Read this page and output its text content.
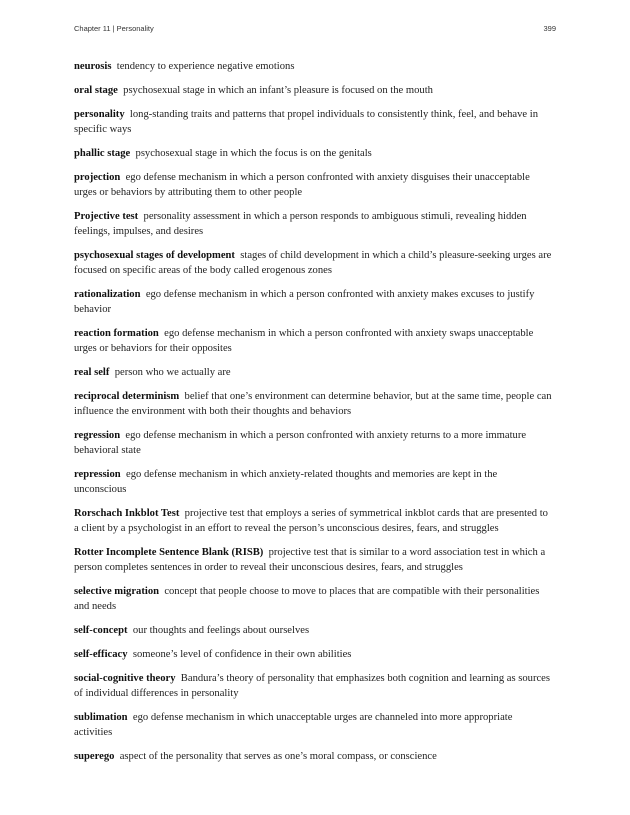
Chapter 11 | Personality	399

neurosis tendency to experience negative emotions

oral stage psychosexual stage in which an infant’s pleasure is focused on the mouth

personality long-standing traits and patterns that propel individuals to consistently think, feel, and behave in specific ways

phallic stage psychosexual stage in which the focus is on the genitals

projection ego defense mechanism in which a person confronted with anxiety disguises their unacceptable urges or behaviors by attributing them to other people

Projective test personality assessment in which a person responds to ambiguous stimuli, revealing hidden feelings, impulses, and desires

psychosexual stages of development stages of child development in which a child’s pleasure-seeking urges are focused on specific areas of the body called erogenous zones

rationalization ego defense mechanism in which a person confronted with anxiety makes excuses to justify behavior

reaction formation ego defense mechanism in which a person confronted with anxiety swaps unacceptable urges or behaviors for their opposites

real self person who we actually are

reciprocal determinism belief that one’s environment can determine behavior, but at the same time, people can influence the environment with both their thoughts and behaviors

regression ego defense mechanism in which a person confronted with anxiety returns to a more immature behavioral state

repression ego defense mechanism in which anxiety-related thoughts and memories are kept in the unconscious

Rorschach Inkblot Test projective test that employs a series of symmetrical inkblot cards that are presented to a client by a psychologist in an effort to reveal the person’s unconscious desires, fears, and struggles

Rotter Incomplete Sentence Blank (RISB) projective test that is similar to a word association test in which a person completes sentences in order to reveal their unconscious desires, fears, and struggles

selective migration concept that people choose to move to places that are compatible with their personalities and needs

self-concept our thoughts and feelings about ourselves

self-efficacy someone’s level of confidence in their own abilities

social-cognitive theory Bandura’s theory of personality that emphasizes both cognition and learning as sources of individual differences in personality

sublimation ego defense mechanism in which unacceptable urges are channeled into more appropriate activities

superego aspect of the personality that serves as one’s moral compass, or conscience
